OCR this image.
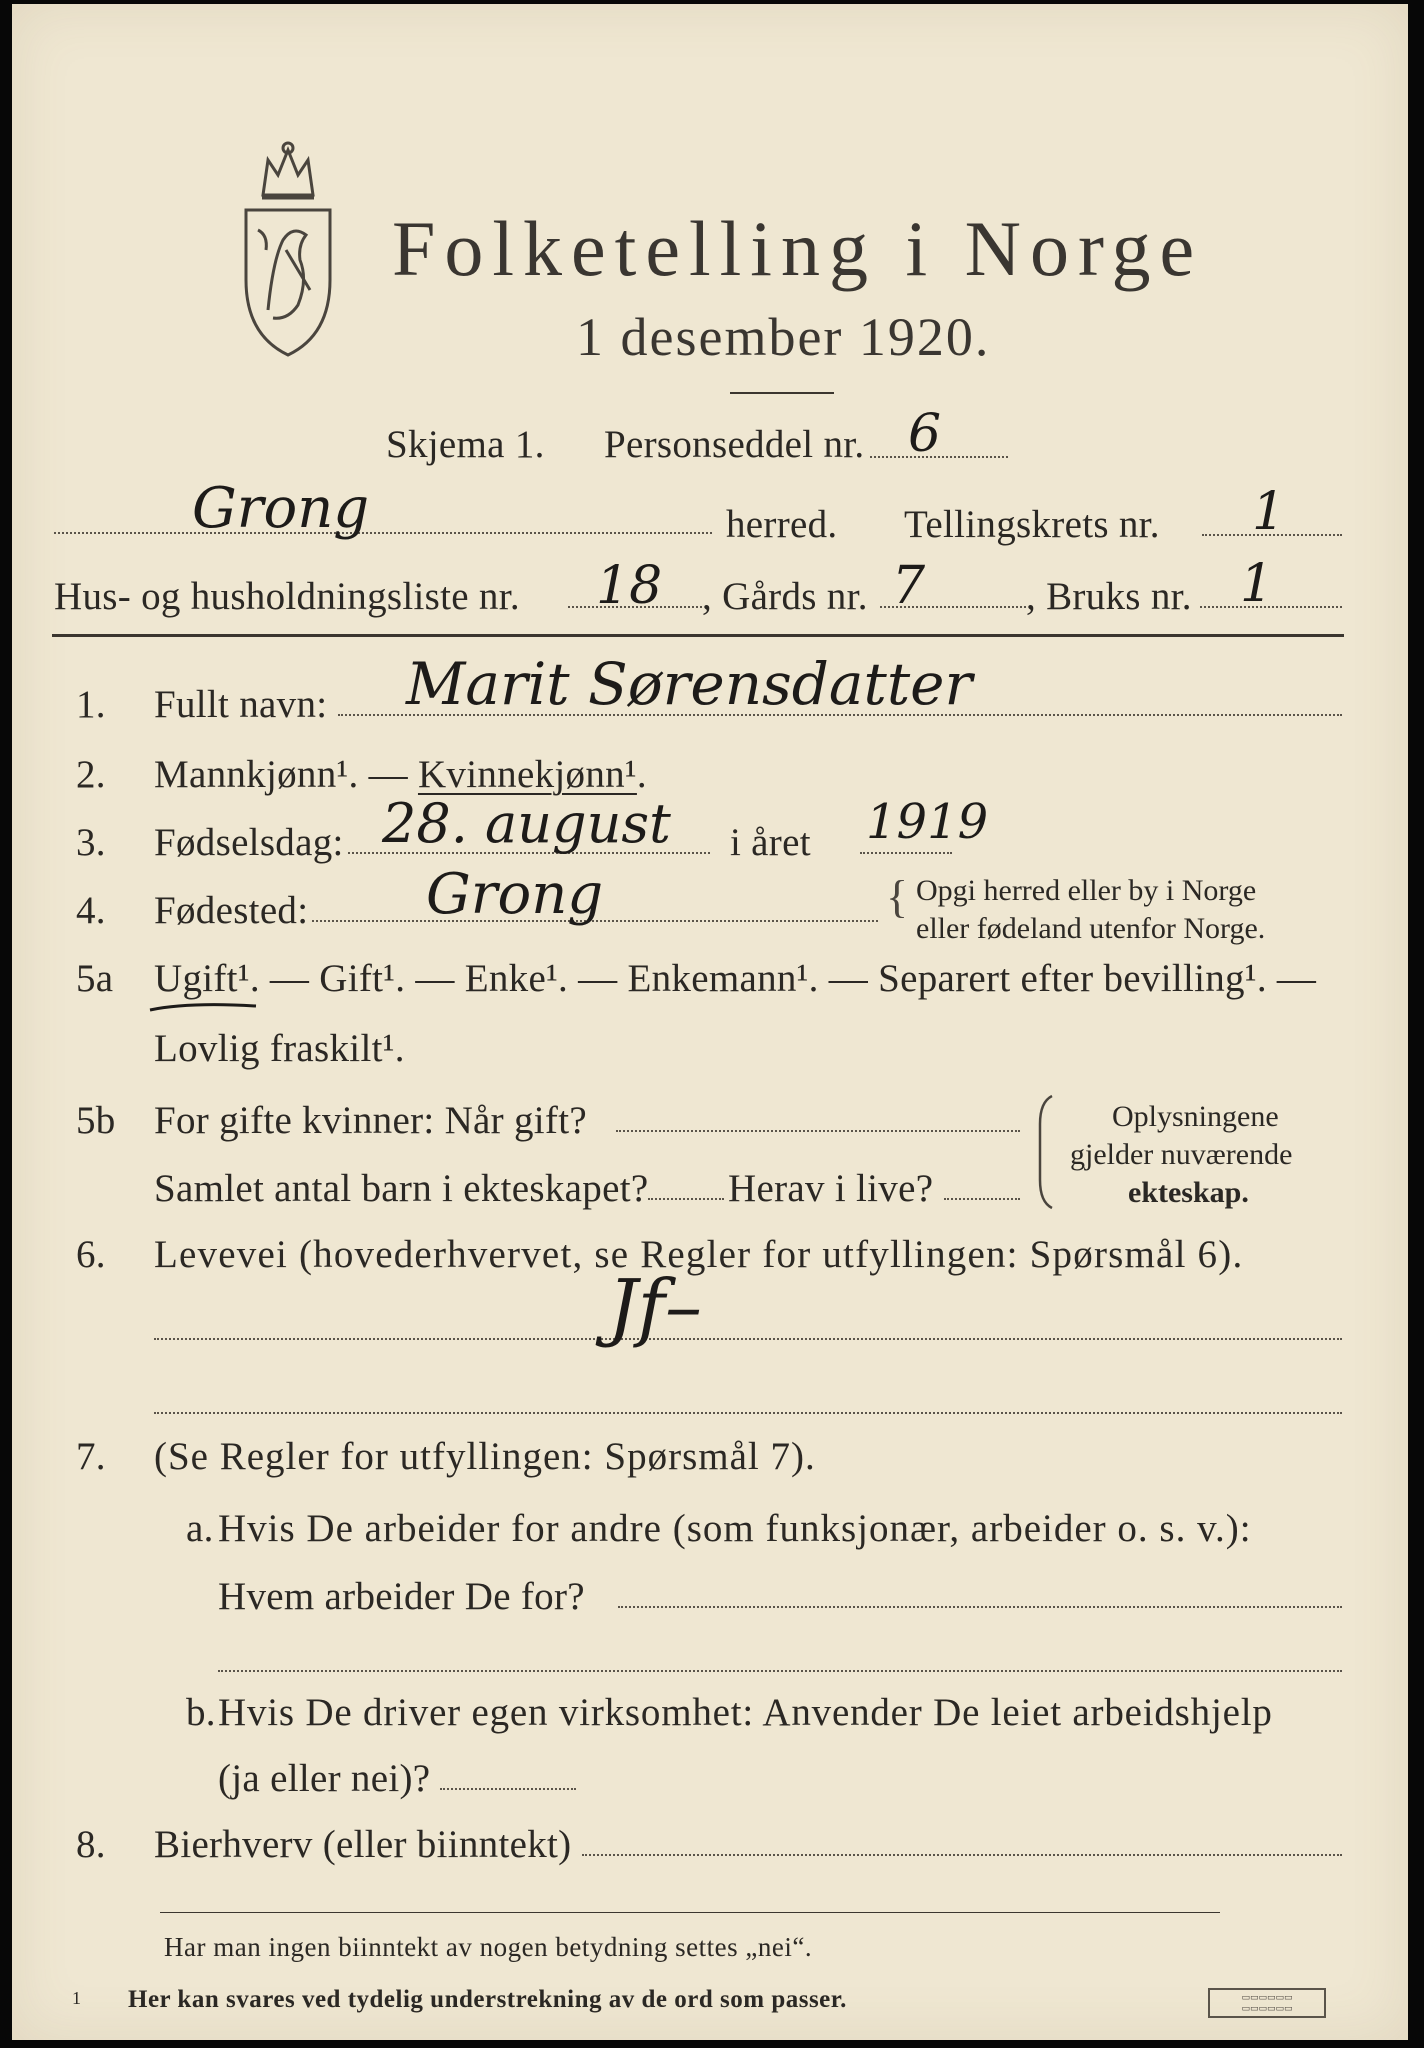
Folketelling i Norge
1 desember 1920.
Skjema 1. Personseddel nr. 6
Grong	herred. Tellingskrets nr. 1
Hus- og husholdningsliste nr. 18 , Gårds nr. 7	, Bruks nr. 1
1. Fullt navn: Marit Sørensdatter
2. Mannkjønn¹. — Kvinnekjønn¹.
3. Fødselsdag: 28. august i året 1919
4. Fødested: Grong	{ Opgi herred eller by i Norge
eller fødeland utenfor Norge.
5a Ugift¹. — Gift¹. — Enke¹. — Enkemann¹. — Separert efter bevilling¹. —
Lovlig fraskilt¹.
5b For gifte kvinner: Når gift?
Samlet antal barn i ekteskapet? Herav i live?
Oplysningene
gjelder nuværende
ekteskap.
6. Levevei (hovederhvervet, se Regler for utfyllingen: Spørsmål 6).
Jf–
7. (Se Regler for utfyllingen: Spørsmål 7).
a. Hvis De arbeider for andre (som funksjonær, arbeider o. s. v.):
Hvem arbeider De for?
b. Hvis De driver egen virksomhet: Anvender De leiet arbeidshjelp
(ja eller nei)?
8. Bierhverv (eller biinntekt)
Har man ingen biinntekt av nogen betydning settes „nei“.
1 Her kan svares ved tydelig understrekning av de ord som passer.	▭▭▭▭▭▭
▭▭▭▭▭▭
